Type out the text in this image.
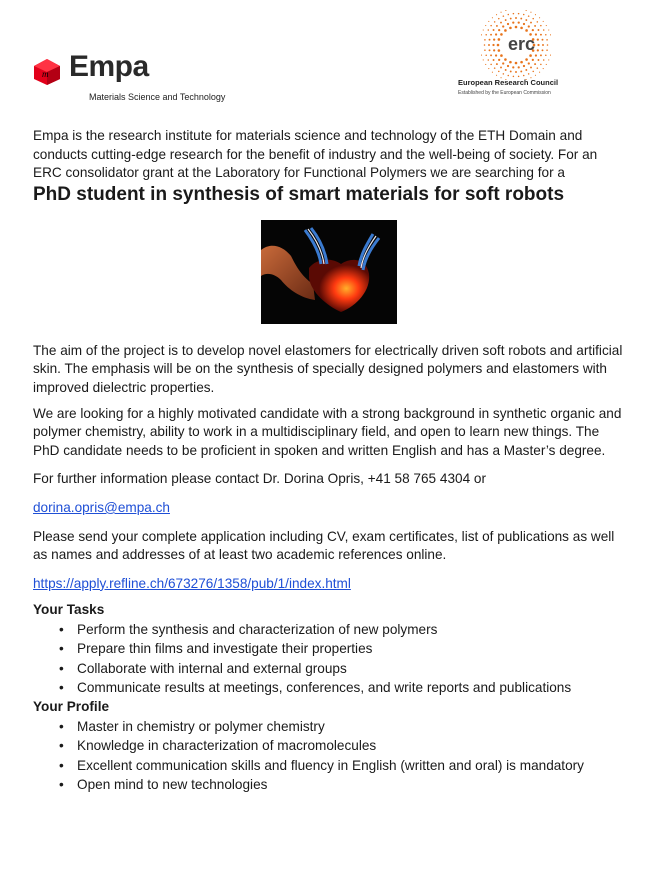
m Empa
Materials Science and Technology
erc
European Research Council
Established by the European Commission

Empa is the research institute for materials science and technology of the ETH Domain and conducts cutting-edge research for the benefit of industry and the well-being of society. For an ERC consolidator grant at the Laboratory for Functional Polymers we are searching for a

PhD student in synthesis of smart materials for soft robots

The aim of the project is to develop novel elastomers for electrically driven soft robots and artificial skin. The emphasis will be on the synthesis of specially designed polymers and elastomers with improved dielectric properties.

We are looking for a highly motivated candidate with a strong background in synthetic organic and polymer chemistry, ability to work in a multidisciplinary field, and open to learn new things. The PhD candidate needs to be proficient in spoken and written English and has a Master’s degree.

For further information please contact Dr. Dorina Opris, +41 58 765 4304 or

dorina.opris@empa.ch

Please send your complete application including CV, exam certificates, list of publications as well as names and addresses of at least two academic references online.

https://apply.refline.ch/673276/1358/pub/1/index.html

Your Tasks

• Perform the synthesis and characterization of new polymers
• Prepare thin films and investigate their properties
• Collaborate with internal and external groups
• Communicate results at meetings, conferences, and write reports and publications

Your Profile

• Master in chemistry or polymer chemistry
• Knowledge in characterization of macromolecules
• Excellent communication skills and fluency in English (written and oral) is mandatory
• Open mind to new technologies
